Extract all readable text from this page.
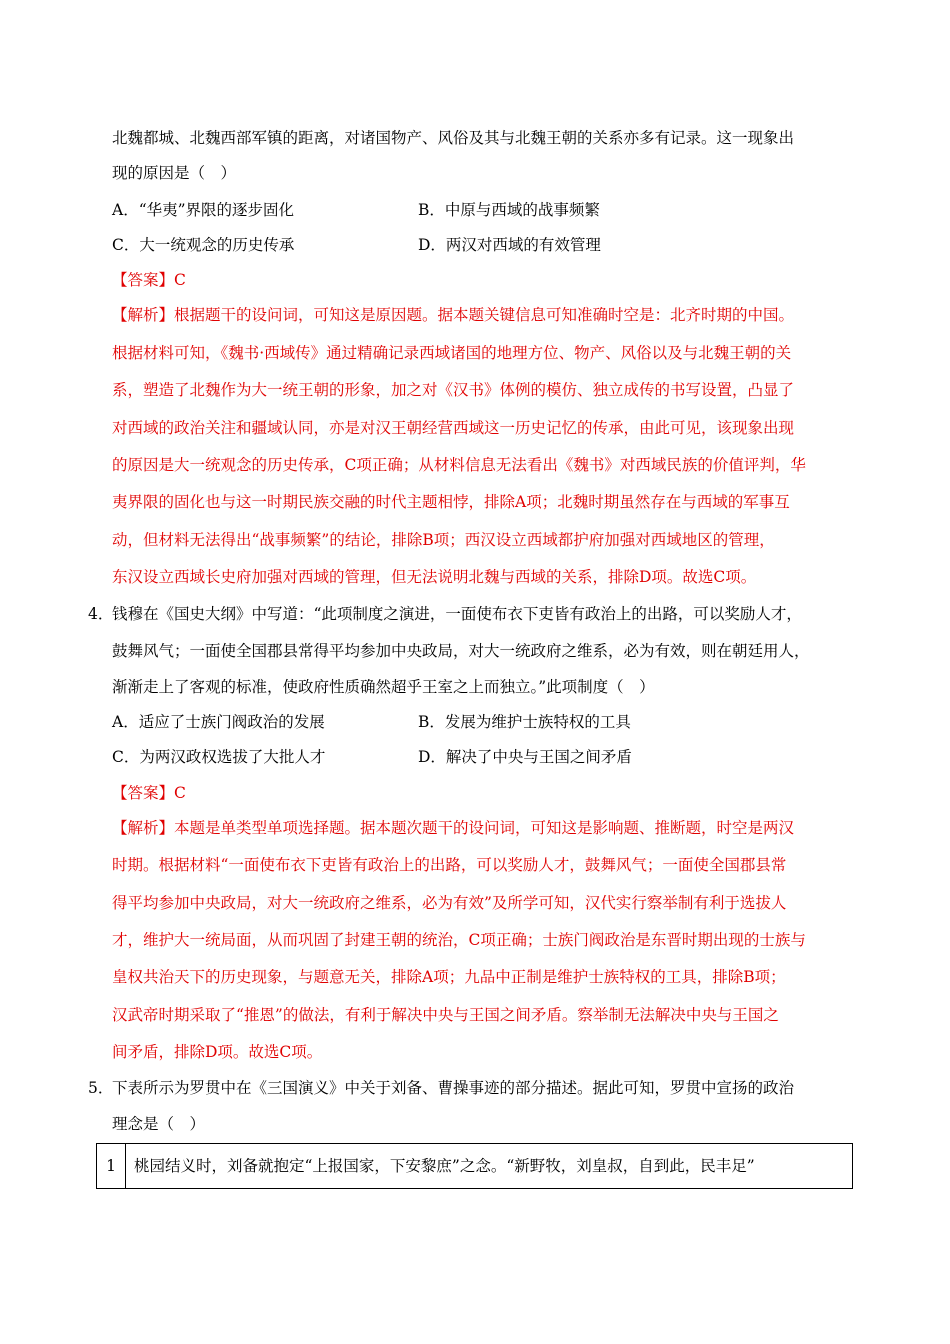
北魏都城、北魏西部军镇的距离，对诸国物产、风俗及其与北魏王朝的关系亦多有记录。这一现象出
现的原因是（　）
A．“华夷”界限的逐步固化	B．中原与西域的战事频繁
C．大一统观念的历史传承	D．两汉对西域的有效管理
【答案】C
【解析】根据题干的设问词，可知这是原因题。据本题关键信息可知准确时空是：北齐时期的中国。
根据材料可知，《魏书·西域传》通过精确记录西域诸国的地理方位、物产、风俗以及与北魏王朝的关
系，塑造了北魏作为大一统王朝的形象，加之对《汉书》体例的模仿、独立成传的书写设置，凸显了
对西域的政治关注和疆域认同，亦是对汉王朝经营西域这一历史记忆的传承，由此可见，该现象出现
的原因是大一统观念的历史传承，C项正确；从材料信息无法看出《魏书》对西域民族的价值评判，华
夷界限的固化也与这一时期民族交融的时代主题相悖，排除A项；北魏时期虽然存在与西域的军事互
动，但材料无法得出“战事频繁”的结论，排除B项；西汉设立西域都护府加强对西域地区的管理，
东汉设立西域长史府加强对西域的管理，但无法说明北魏与西域的关系，排除D项。故选C项。
4．
钱穆在《国史大纲》中写道：“此项制度之演进，一面使布衣下吏皆有政治上的出路，可以奖励人才，
鼓舞风气；一面使全国郡县常得平均参加中央政局，对大一统政府之维系，必为有效，则在朝廷用人，
渐渐走上了客观的标准，使政府性质确然超乎王室之上而独立。”此项制度（　）
A．适应了士族门阀政治的发展	B．发展为维护士族特权的工具
C．为两汉政权选拔了大批人才	D．解决了中央与王国之间矛盾
【答案】C
【解析】本题是单类型单项选择题。据本题次题干的设问词，可知这是影响题、推断题，时空是两汉
时期。根据材料“一面使布衣下吏皆有政治上的出路，可以奖励人才，鼓舞风气；一面使全国郡县常
得平均参加中央政局，对大一统政府之维系，必为有效”及所学可知，汉代实行察举制有利于选拔人
才，维护大一统局面，从而巩固了封建王朝的统治，C项正确；士族门阀政治是东晋时期出现的士族与
皇权共治天下的历史现象，与题意无关，排除A项；九品中正制是维护士族特权的工具，排除B项；
汉武帝时期采取了“推恩”的做法，有利于解决中央与王国之间矛盾。察举制无法解决中央与王国之
间矛盾，排除D项。故选C项。
5．
下表所示为罗贯中在《三国演义》中关于刘备、曹操事迹的部分描述。据此可知，罗贯中宣扬的政治
理念是（　）
1	桃园结义时，刘备就抱定“上报国家，下安黎庶”之念。“新野牧，刘皇叔，自到此，民丰足”
